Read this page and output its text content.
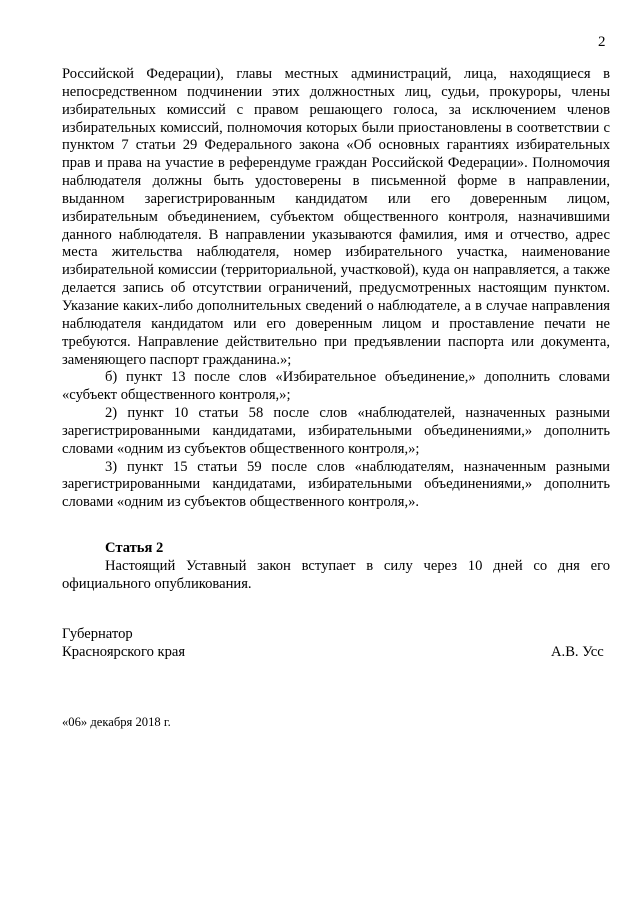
2

Российской Федерации), главы местных администраций, лица, находящиеся в непосредственном подчинении этих должностных лиц, судьи, прокуроры, члены избирательных комиссий с правом решающего голоса, за исключением членов избирательных комиссий, полномочия которых были приостановлены в соответствии с пунктом 7 статьи 29 Федерального закона «Об основных гарантиях избирательных прав и права на участие в референдуме граждан Российской Федерации». Полномочия наблюдателя должны быть удостоверены в письменной форме в направлении, выданном зарегистрированным кандидатом или его доверенным лицом, избирательным объединением, субъектом общественного контроля, назначившими данного наблюдателя. В направлении указываются фамилия, имя и отчество, адрес места жительства наблюдателя, номер избирательного участка, наименование избирательной комиссии (территориальной, участковой), куда он направляется, а также делается запись об отсутствии ограничений, предусмотренных настоящим пунктом. Указание каких-либо дополнительных сведений о наблюдателе, а в случае направления наблюдателя кандидатом или его доверенным лицом и проставление печати не требуются. Направление действительно при предъявлении паспорта или документа, заменяющего паспорт гражданина.»;

б) пункт 13 после слов «Избирательное объединение,» дополнить словами «субъект общественного контроля,»;

2) пункт 10 статьи 58 после слов «наблюдателей, назначенных разными зарегистрированными кандидатами, избирательными объединениями,» дополнить словами «одним из субъектов общественного контроля,»;

3) пункт 15 статьи 59 после слов «наблюдателям, назначенным разными зарегистрированными кандидатами, избирательными объединениями,» дополнить словами «одним из субъектов общественного контроля,».

Статья 2

Настоящий Уставный закон вступает в силу через 10 дней со дня его официального опубликования.

Губернатор
Красноярского края	А.В. Усс
«06» декабря 2018 г.
